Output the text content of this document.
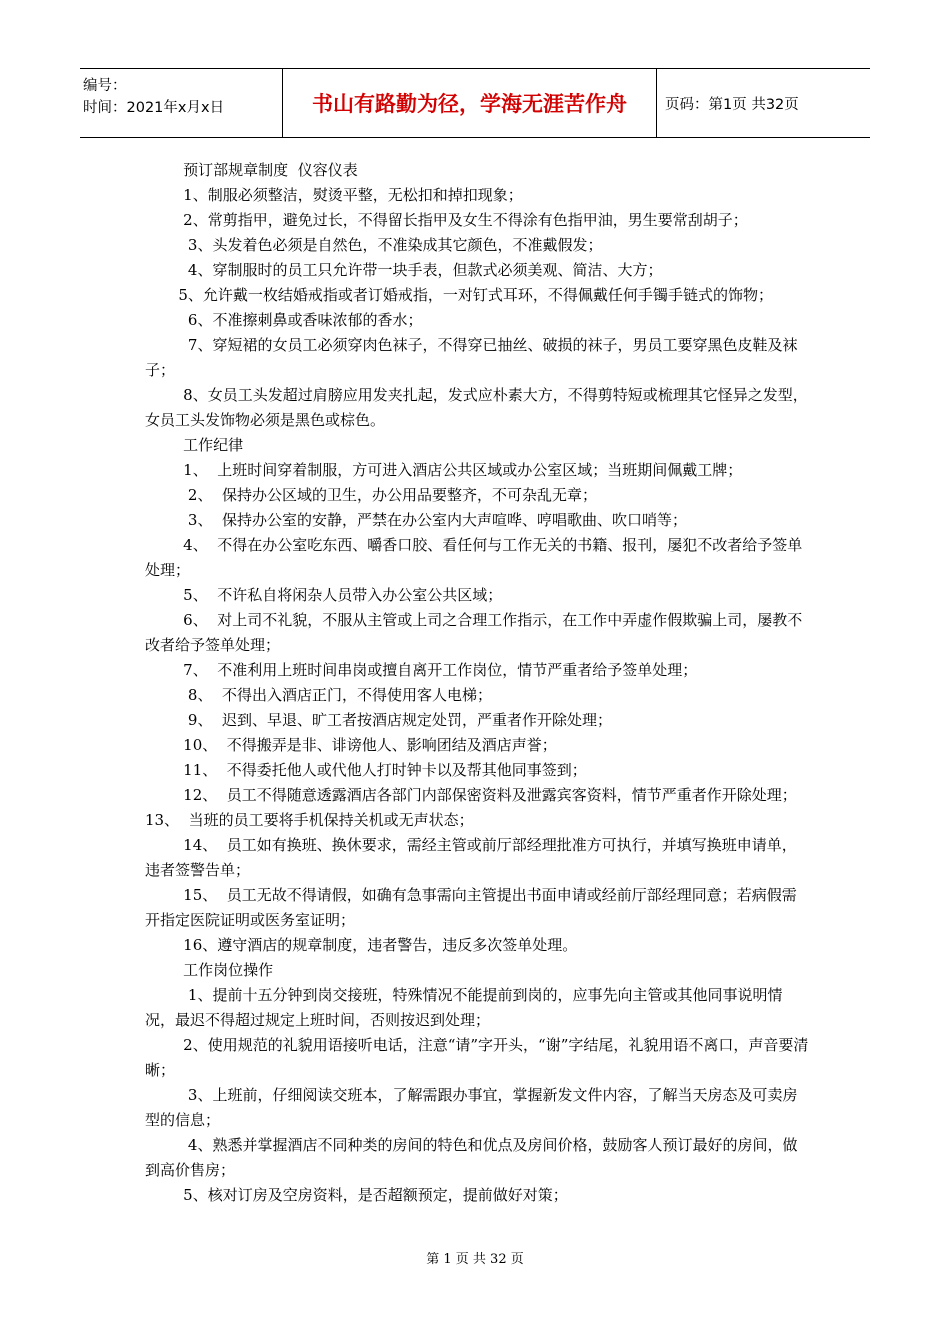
编号：
时间：2021年x月x日	书山有路勤为径，学海无涯苦作舟	页码：第1页 共32页

预订部规章制度  仪容仪表

1、制服必须整洁，熨烫平整，无松扣和掉扣现象；

2、常剪指甲，避免过长，不得留长指甲及女生不得涂有色指甲油，男生要常刮胡子；

3、头发着色必须是自然色，不准染成其它颜色，不准戴假发；

4、穿制服时的员工只允许带一块手表，但款式必须美观、简洁、大方；

5、允许戴一枚结婚戒指或者订婚戒指，一对钉式耳环，不得佩戴任何手镯手链式的饰物；

6、不准擦刺鼻或香味浓郁的香水；

7、穿短裙的女员工必须穿肉色袜子，不得穿已抽丝、破损的袜子，男员工要穿黑色皮鞋及袜子；

8、女员工头发超过肩膀应用发夹扎起，发式应朴素大方，不得剪特短或梳理其它怪异之发型，女员工头发饰物必须是黑色或棕色。

工作纪律

1、  上班时间穿着制服，方可进入酒店公共区域或办公室区域；当班期间佩戴工牌；

2、  保持办公区域的卫生，办公用品要整齐，不可杂乱无章；

3、  保持办公室的安静，严禁在办公室内大声喧哗、哼唱歌曲、吹口哨等；

4、  不得在办公室吃东西、嚼香口胶、看任何与工作无关的书籍、报刊，屡犯不改者给予签单处理；

5、  不许私自将闲杂人员带入办公室公共区域；

6、  对上司不礼貌，不服从主管或上司之合理工作指示，在工作中弄虚作假欺骗上司，屡教不改者给予签单处理；

7、  不准利用上班时间串岗或擅自离开工作岗位，情节严重者给予签单处理；

8、  不得出入酒店正门，不得使用客人电梯；

9、  迟到、早退、旷工者按酒店规定处罚，严重者作开除处理；

10、  不得搬弄是非、诽谤他人、影响团结及酒店声誉；

11、  不得委托他人或代他人打时钟卡以及帮其他同事签到；

12、  员工不得随意透露酒店各部门内部保密资料及泄露宾客资料，情节严重者作开除处理；  13、  当班的员工要将手机保持关机或无声状态；

14、  员工如有换班、换休要求，需经主管或前厅部经理批准方可执行，并填写换班申请单，违者签警告单；

15、  员工无故不得请假，如确有急事需向主管提出书面申请或经前厅部经理同意；若病假需开指定医院证明或医务室证明；

16、遵守酒店的规章制度，违者警告，违反多次签单处理。

工作岗位操作

1、提前十五分钟到岗交接班，特殊情况不能提前到岗的，应事先向主管或其他同事说明情况，最迟不得超过规定上班时间，否则按迟到处理；

2、使用规范的礼貌用语接听电话，注意“请”字开头，“谢”字结尾，礼貌用语不离口，声音要清晰；

3、上班前，仔细阅读交班本，了解需跟办事宜，掌握新发文件内容，了解当天房态及可卖房型的信息；

4、熟悉并掌握酒店不同种类的房间的特色和优点及房间价格，鼓励客人预订最好的房间，做到高价售房；

5、核对订房及空房资料，是否超额预定，提前做好对策；

第 1 页 共 32 页
